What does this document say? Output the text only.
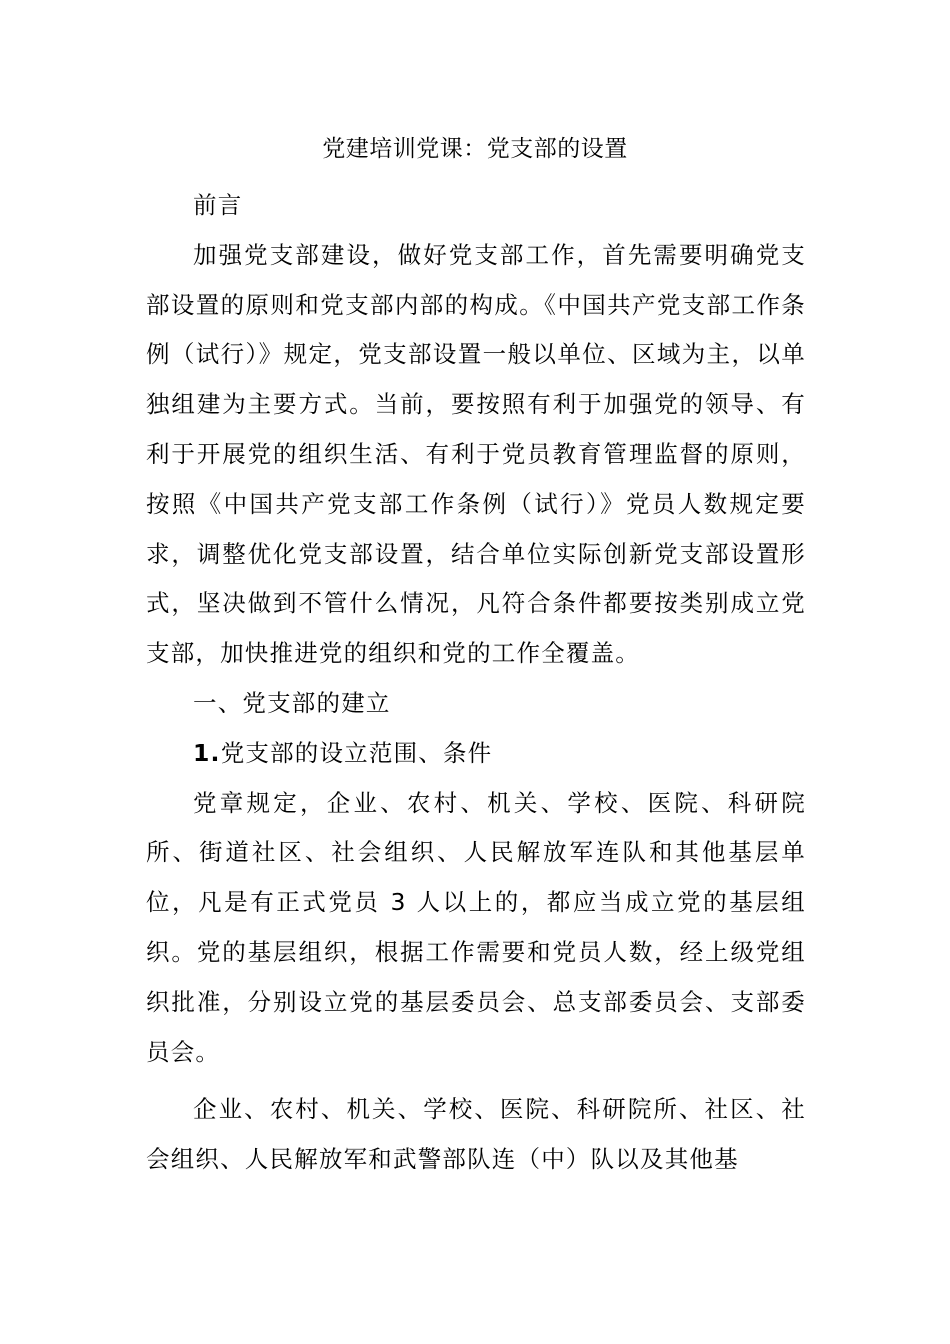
党建培训党课：党支部的设置

前言

加强党支部建设，做好党支部工作，首先需要明确党支部设置的原则和党支部内部的构成。《中国共产党支部工作条例（试行）》规定，党支部设置一般以单位、区域为主，以单独组建为主要方式。当前，要按照有利于加强党的领导、有利于开展党的组织生活、有利于党员教育管理监督的原则，按照《中国共产党支部工作条例（试行）》党员人数规定要求，调整优化党支部设置，结合单位实际创新党支部设置形式，坚决做到不管什么情况，凡符合条件都要按类别成立党支部，加快推进党的组织和党的工作全覆盖。

一、党支部的建立

1.党支部的设立范围、条件

党章规定，企业、农村、机关、学校、医院、科研院所、街道社区、社会组织、人民解放军连队和其他基层单位，凡是有正式党员 3 人以上的，都应当成立党的基层组织。党的基层组织，根据工作需要和党员人数，经上级党组织批准，分别设立党的基层委员会、总支部委员会、支部委员会。

企业、农村、机关、学校、医院、科研院所、社区、社会组织、人民解放军和武警部队连（中）队以及其他基
